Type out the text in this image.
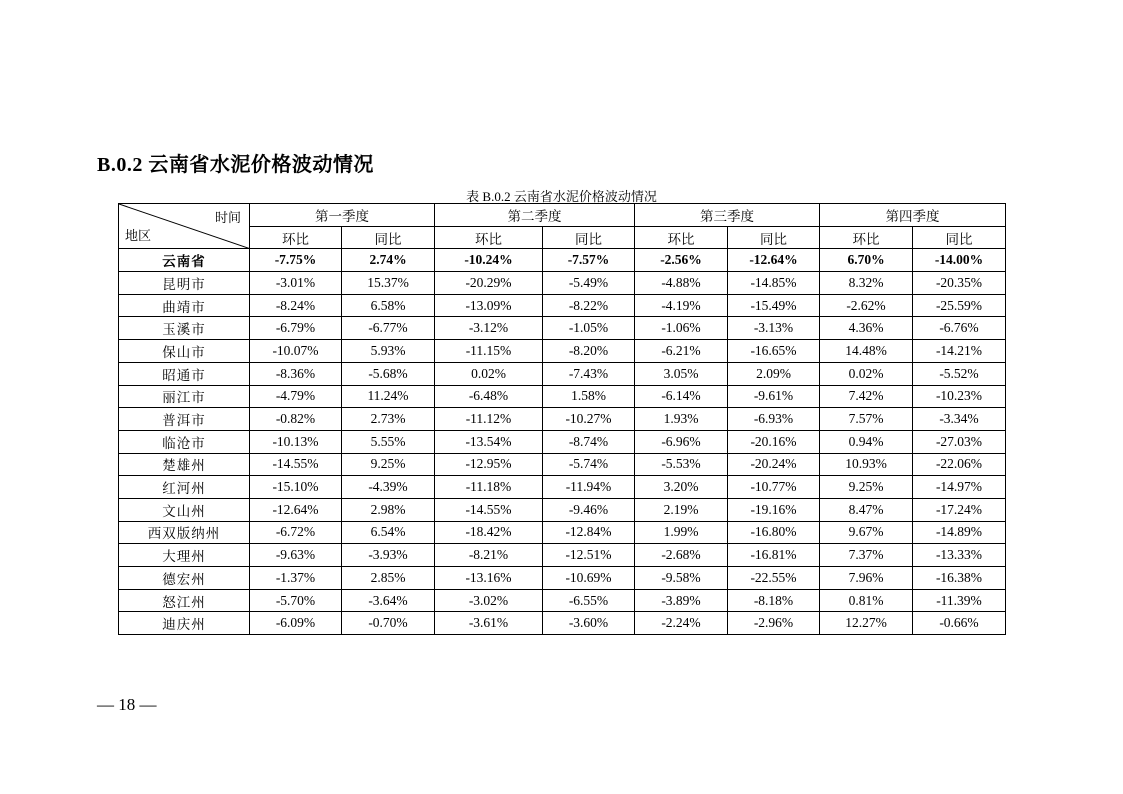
B.0.2 云南省水泥价格波动情况
表 B.0.2 云南省水泥价格波动情况
时间
地区	第一季度		第二季度		第三季度		第四季度	
	环比	同比	环比	同比	环比	同比	环比	同比
云南省	-7.75%	2.74%	-10.24%	-7.57%	-2.56%	-12.64%	6.70%	-14.00%
昆明市	-3.01%	15.37%	-20.29%	-5.49%	-4.88%	-14.85%	8.32%	-20.35%
曲靖市	-8.24%	6.58%	-13.09%	-8.22%	-4.19%	-15.49%	-2.62%	-25.59%
玉溪市	-6.79%	-6.77%	-3.12%	-1.05%	-1.06%	-3.13%	4.36%	-6.76%
保山市	-10.07%	5.93%	-11.15%	-8.20%	-6.21%	-16.65%	14.48%	-14.21%
昭通市	-8.36%	-5.68%	0.02%	-7.43%	3.05%	2.09%	0.02%	-5.52%
丽江市	-4.79%	11.24%	-6.48%	1.58%	-6.14%	-9.61%	7.42%	-10.23%
普洱市	-0.82%	2.73%	-11.12%	-10.27%	1.93%	-6.93%	7.57%	-3.34%
临沧市	-10.13%	5.55%	-13.54%	-8.74%	-6.96%	-20.16%	0.94%	-27.03%
楚雄州	-14.55%	9.25%	-12.95%	-5.74%	-5.53%	-20.24%	10.93%	-22.06%
红河州	-15.10%	-4.39%	-11.18%	-11.94%	3.20%	-10.77%	9.25%	-14.97%
文山州	-12.64%	2.98%	-14.55%	-9.46%	2.19%	-19.16%	8.47%	-17.24%
西双版纳州	-6.72%	6.54%	-18.42%	-12.84%	1.99%	-16.80%	9.67%	-14.89%
大理州	-9.63%	-3.93%	-8.21%	-12.51%	-2.68%	-16.81%	7.37%	-13.33%
德宏州	-1.37%	2.85%	-13.16%	-10.69%	-9.58%	-22.55%	7.96%	-16.38%
怒江州	-5.70%	-3.64%	-3.02%	-6.55%	-3.89%	-8.18%	0.81%	-11.39%
迪庆州	-6.09%	-0.70%	-3.61%	-3.60%	-2.24%	-2.96%	12.27%	-0.66%
— 18 —
